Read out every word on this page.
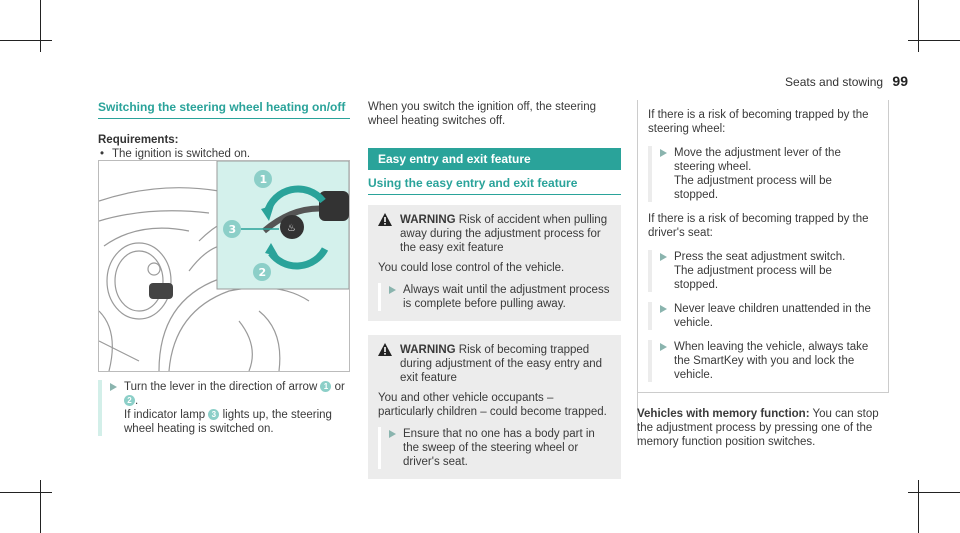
Seats and stowing 99
Switching the steering wheel heating on/off
Requirements:
• The ignition is switched on.
♨
1
3
2
Turn the lever in the direction of arrow 1 or
2 .
If indicator lamp 3 lights up, the steering
wheel heating is switched on.

When you switch the ignition off, the steering wheel heating switches off.

Easy entry and exit feature
Using the easy entry and exit feature
WARNING Risk of accident when pulling away during the adjustment process for the easy exit feature
You could lose control of the vehicle.
Always wait until the adjustment process is complete before pulling away.
WARNING Risk of becoming trapped during adjustment of the easy entry and exit feature
You and other vehicle occupants – particularly children – could become trapped.
Ensure that no one has a body part in the sweep of the steering wheel or driver's seat.

If there is a risk of becoming trapped by the steering wheel:

Move the adjustment lever of the steering wheel.
The adjustment process will be stopped.

If there is a risk of becoming trapped by the driver's seat:

Press the seat adjustment switch.
The adjustment process will be stopped.
Never leave children unattended in the vehicle.
When leaving the vehicle, always take the SmartKey with you and lock the vehicle.

Vehicles with memory function: You can stop the adjustment process by pressing one of the memory function position switches.
